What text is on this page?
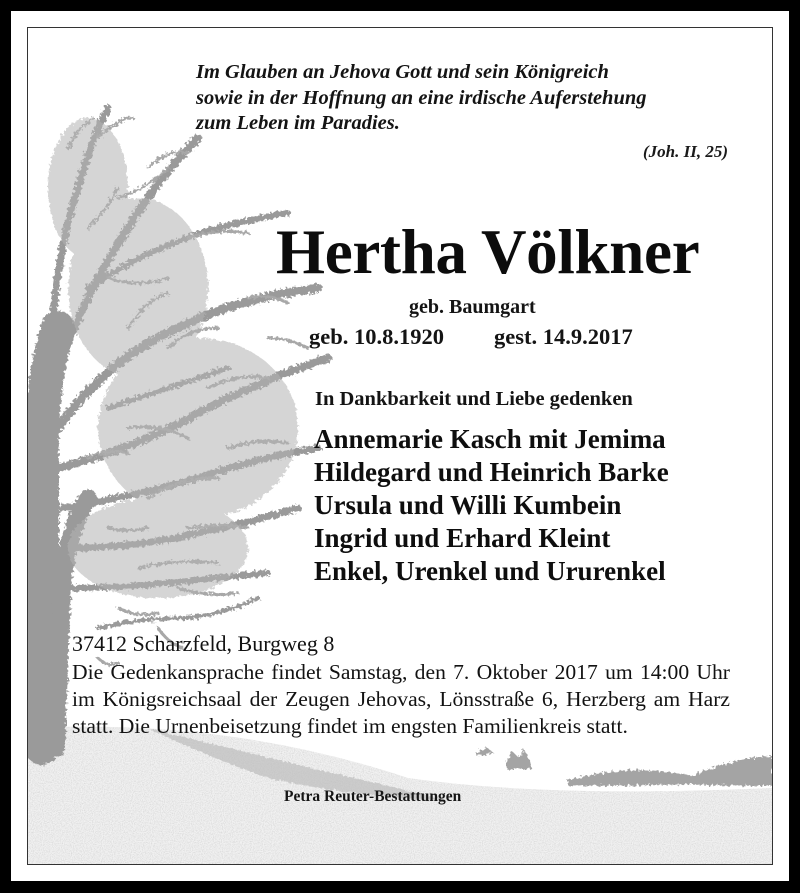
Im Glauben an Jehova Gott und sein Königreich
sowie in der Hoffnung an eine irdische Auferstehung
zum Leben im Paradies.
(Joh. II, 25)
Hertha Völkner
geb. Baumgart
geb. 10.8.1920 gest. 14.9.2017
In Dankbarkeit und Liebe gedenken
Annemarie Kasch mit Jemima
Hildegard und Heinrich Barke
Ursula und Willi Kumbein
Ingrid und Erhard Kleint
Enkel, Urenkel und Ururenkel
37412 Scharzfeld, Burgweg 8

Die Gedenkansprache findet Samstag, den 7. Oktober 2017 um 14:00 Uhr im Königsreichsaal der Zeugen Jehovas, Lönsstraße 6, Herzberg am Harz statt. Die Urnenbeisetzung findet im engsten Familienkreis statt.

Petra Reuter-Bestattungen
